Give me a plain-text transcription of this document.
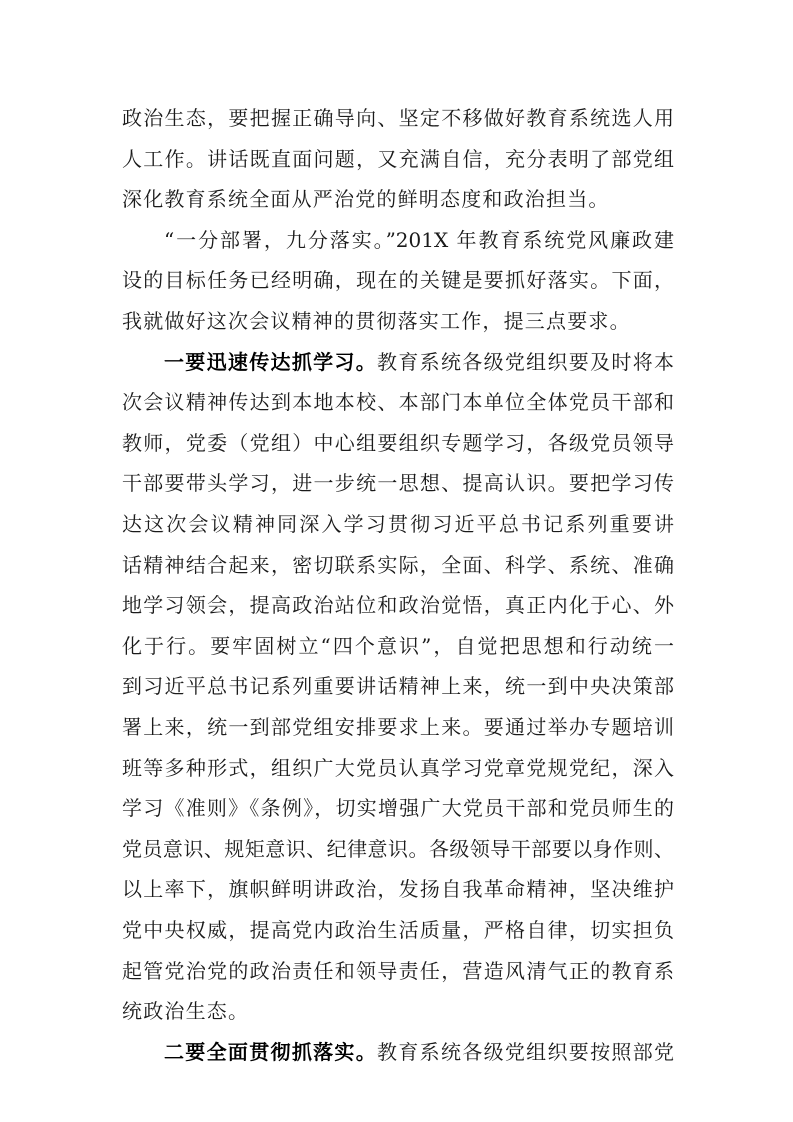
政治生态，要把握正确导向、坚定不移做好教育系统选人用
人工作。讲话既直面问题，又充满自信，充分表明了部党组
深化教育系统全面从严治党的鲜明态度和政治担当。
“一分部署，九分落实。”201X 年教育系统党风廉政建
设的目标任务已经明确，现在的关键是要抓好落实。下面，
我就做好这次会议精神的贯彻落实工作，提三点要求。
一要迅速传达抓学习。教育系统各级党组织要及时将本
次会议精神传达到本地本校、本部门本单位全体党员干部和
教师，党委（党组）中心组要组织专题学习，各级党员领导
干部要带头学习，进一步统一思想、提高认识。要把学习传
达这次会议精神同深入学习贯彻习近平总书记系列重要讲
话精神结合起来，密切联系实际，全面、科学、系统、准确
地学习领会，提高政治站位和政治觉悟，真正内化于心、外
化于行。要牢固树立“四个意识”，自觉把思想和行动统一
到习近平总书记系列重要讲话精神上来，统一到中央决策部
署上来，统一到部党组安排要求上来。要通过举办专题培训
班等多种形式，组织广大党员认真学习党章党规党纪，深入
学习《准则》《条例》，切实增强广大党员干部和党员师生的
党员意识、规矩意识、纪律意识。各级领导干部要以身作则、
以上率下，旗帜鲜明讲政治，发扬自我革命精神，坚决维护
党中央权威，提高党内政治生活质量，严格自律，切实担负
起管党治党的政治责任和领导责任，营造风清气正的教育系
统政治生态。
二要全面贯彻抓落实。教育系统各级党组织要按照部党
